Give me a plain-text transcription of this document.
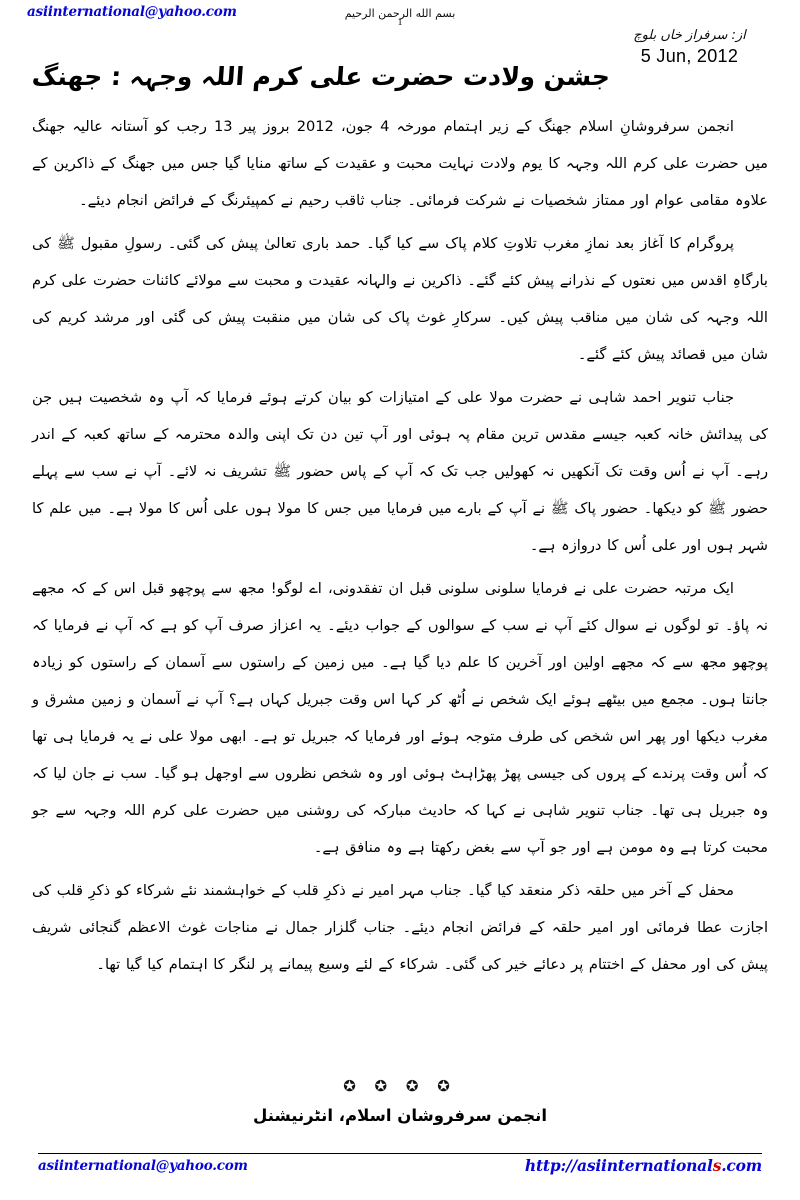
asiinternational@yahoo.com	بسم الله الرحمن الرحيم
1
از: سرفراز خاں بلوچ
5 Jun, 2012
جشن ولادت حضرت علی کرم اللہ وجہہ : جھنگ

انجمن سرفروشانِ اسلام جھنگ کے زیر اہتمام مورخہ 4 جون، 2012 بروز پیر 13 رجب کو آستانہ عالیہ جھنگ میں حضرت علی کرم اللہ وجہہ کا یوم ولادت نہایت محبت و عقیدت کے ساتھ منایا گیا جس میں جھنگ کے ذاکرین کے علاوہ مقامی عوام اور ممتاز شخصیات نے شرکت فرمائی۔ جناب ثاقب رحیم نے کمپیئرنگ کے فرائض انجام دیئے۔

پروگرام کا آغاز بعد نمازِ مغرب تلاوتِ کلام پاک سے کیا گیا۔ حمد باری تعالیٰ پیش کی گئی۔ رسولِ مقبول ﷺ کی بارگاہِ اقدس میں نعتوں کے نذرانے پیش کئے گئے۔ ذاکرین نے والہانہ عقیدت و محبت سے مولائے کائنات حضرت علی کرم اللہ وجہہ کی شان میں مناقب پیش کیں۔ سرکارِ غوث پاک کی شان میں منقبت پیش کی گئی اور مرشد کریم کی شان میں قصائد پیش کئے گئے۔

جناب تنویر احمد شاہی نے حضرت مولا علی کے امتیازات کو بیان کرتے ہوئے فرمایا کہ آپ وہ شخصیت ہیں جن کی پیدائش خانہ کعبہ جیسے مقدس ترین مقام پہ ہوئی اور آپ تین دن تک اپنی والدہ محترمہ کے ساتھ کعبہ کے اندر رہے۔ آپ نے اُس وقت تک آنکھیں نہ کھولیں جب تک کہ آپ کے پاس حضور ﷺ تشریف نہ لائے۔ آپ نے سب سے پہلے حضور ﷺ کو دیکھا۔ حضور پاک ﷺ نے آپ کے بارے میں فرمایا میں جس کا مولا ہوں علی اُس کا مولا ہے۔ میں علم کا شہر ہوں اور علی اُس کا دروازہ ہے۔

ایک مرتبہ حضرت علی نے فرمایا سلونی سلونی قبل ان تفقدونی، اے لوگو! مجھ سے پوچھو قبل اس کے کہ مجھے نہ پاؤ۔ تو لوگوں نے سوال کئے آپ نے سب کے سوالوں کے جواب دیئے۔ یہ اعزاز صرف آپ کو ہے کہ آپ نے فرمایا کہ پوچھو مجھ سے کہ مجھے اولین اور آخرین کا علم دیا گیا ہے۔ میں زمین کے راستوں سے آسمان کے راستوں کو زیادہ جانتا ہوں۔ مجمع میں بیٹھے ہوئے ایک شخص نے اُٹھ کر کہا اس وقت جبریل کہاں ہے؟ آپ نے آسمان و زمین مشرق و مغرب دیکھا اور پھر اس شخص کی طرف متوجہ ہوئے اور فرمایا کہ جبریل تو ہے۔ ابھی مولا علی نے یہ فرمایا ہی تھا کہ اُس وقت پرندے کے پروں کی جیسی پھڑ پھڑاہٹ ہوئی اور وہ شخص نظروں سے اوجھل ہو گیا۔ سب نے جان لیا کہ وہ جبریل ہی تھا۔ جناب تنویر شاہی نے کہا کہ حادیث مبارکہ کی روشنی میں حضرت علی کرم اللہ وجہہ سے جو محبت کرتا ہے وہ مومن ہے اور جو آپ سے بغض رکھتا ہے وہ منافق ہے۔

محفل کے آخر میں حلقہ ذکر منعقد کیا گیا۔ جناب مہر امیر نے ذکرِ قلب کے خواہشمند نئے شرکاء کو ذکرِ قلب کی اجازت عطا فرمائی اور امیر حلقہ کے فرائض انجام دیئے۔ جناب گلزار جمال نے مناجات غوث الاعظم گنجائی شریف پیش کی اور محفل کے اختتام پر دعائے خیر کی گئی۔ شرکاء کے لئے وسیع پیمانے پر لنگر کا اہتمام کیا گیا تھا۔

✪ ✪ ✪ ✪
انجمن سرفروشان اسلام، انٹرنیشنل
asiinternational@yahoo.com	http://asiinternationals.com
